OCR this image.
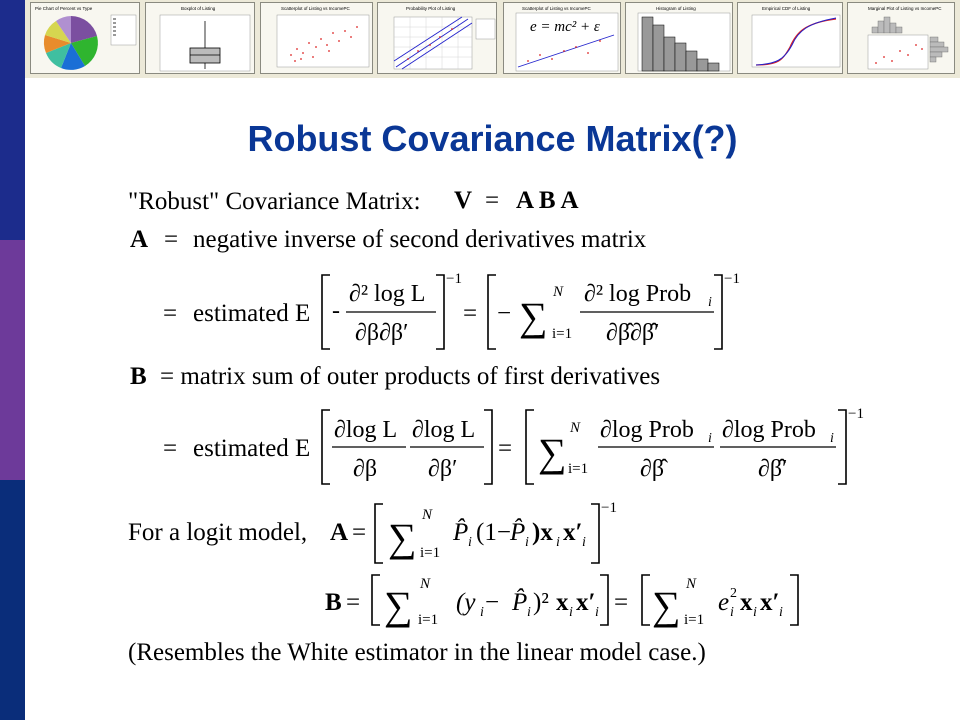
Pie Chart of Percent vs Type	Boxplot of Listing	Scatterplot of Listing vs IncomePC	Probability Plot of Listing	Scatterplot of Listing vs IncomePC
e = mc² + ε
Histogram of Listing	Empirical CDF of Listing	Marginal Plot of Listing vs IncomePC
Robust Covariance Matrix(?)
"Robust" Covariance Matrix: V = A B A
A = negative inverse of second derivatives matrix
= estimated E -
∂² log L
∂β∂β′
−1
= − ∑
N
i=1
∂² log Prob i
∂β̂∂β̂′
−1
B = matrix sum of outer products of first derivatives
= estimated E
∂log L
∂β
∂log L
∂β′
= ∑
N
i=1
∂log Prob i
∂β̂
∂log Prob i
∂β̂′
−1
For a logit model, A = ∑ N
i=1
P̂ i (1− P̂ i )x i x′ i
−1
B = ∑ N
i=1
(y i − P̂ i )² x i x′ i = ∑ N
i=1
e 2
i x i x′ i
(Resembles the White estimator in the linear model case.)
